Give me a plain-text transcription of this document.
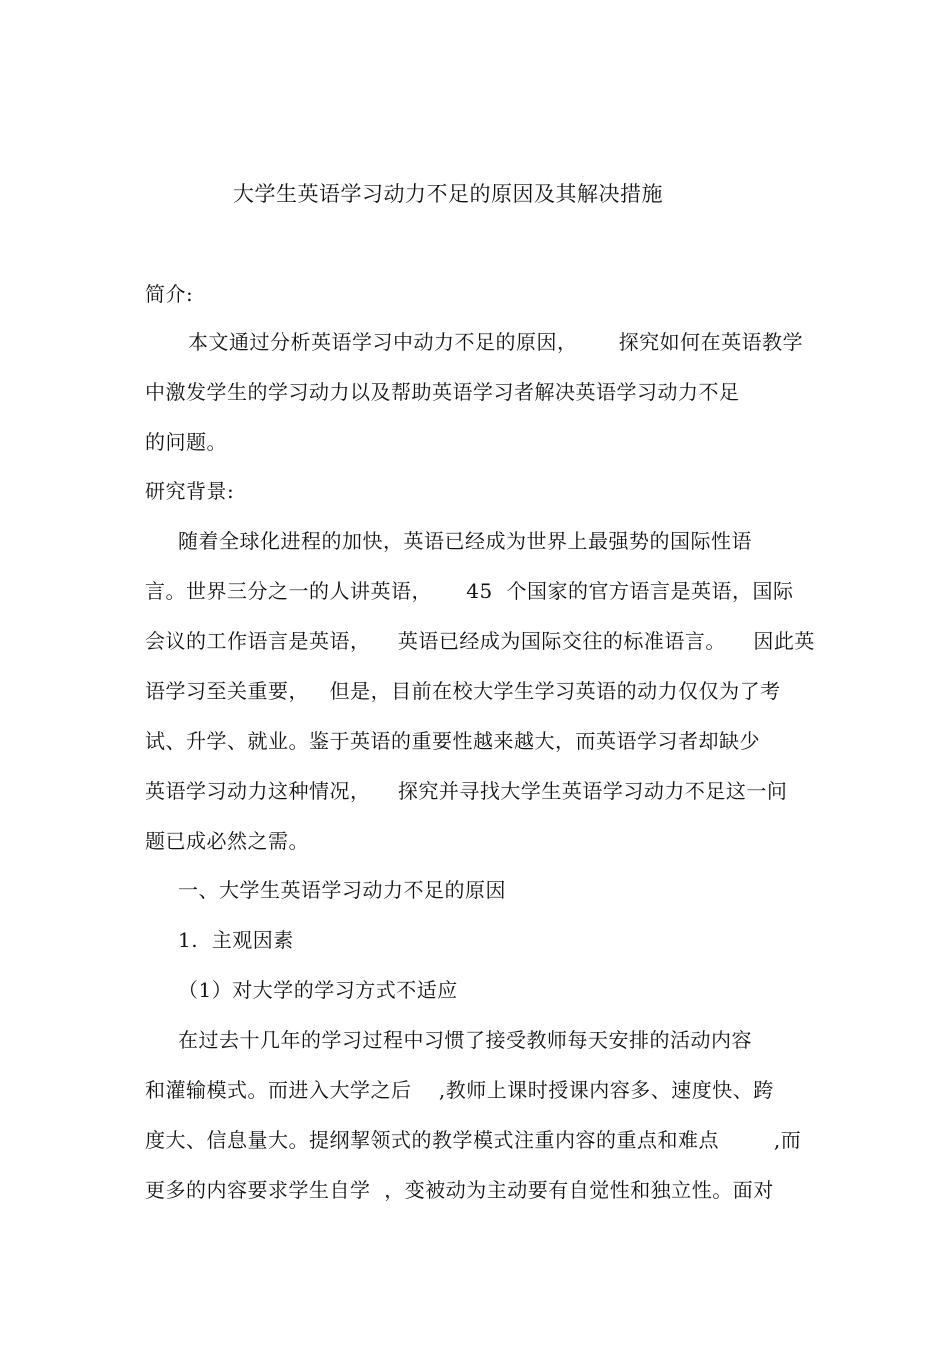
大学生英语学习动力不足的原因及其解决措施
简介:
本文通过分析英语学习中动力不足的原因，      探究如何在英语教学
中激发学生的学习动力以及帮助英语学习者解决英语学习动力不足
的问题。
研究背景:
随着全球化进程的加快，英语已经成为世界上最强势的国际性语
言。世界三分之一的人讲英语，     45  个国家的官方语言是英语，国际
会议的工作语言是英语，    英语已经成为国际交往的标准语言。    因此英
语学习至关重要，   但是，目前在校大学生学习英语的动力仅仅为了考
试、升学、就业。鉴于英语的重要性越来越大，而英语学习者却缺少
英语学习动力这种情况，    探究并寻找大学生英语学习动力不足这一问
题已成必然之需。
一、大学生英语学习动力不足的原因
1.  主观因素
（1）对大学的学习方式不适应
在过去十几年的学习过程中习惯了接受教师每天安排的活动内容
和灌输模式。而进入大学之后    ,教师上课时授课内容多、速度快、跨
度大、信息量大。提纲挈领式的教学模式注重内容的重点和难点        ,而
更多的内容要求学生自学  ，变被动为主动要有自觉性和独立性。面对
